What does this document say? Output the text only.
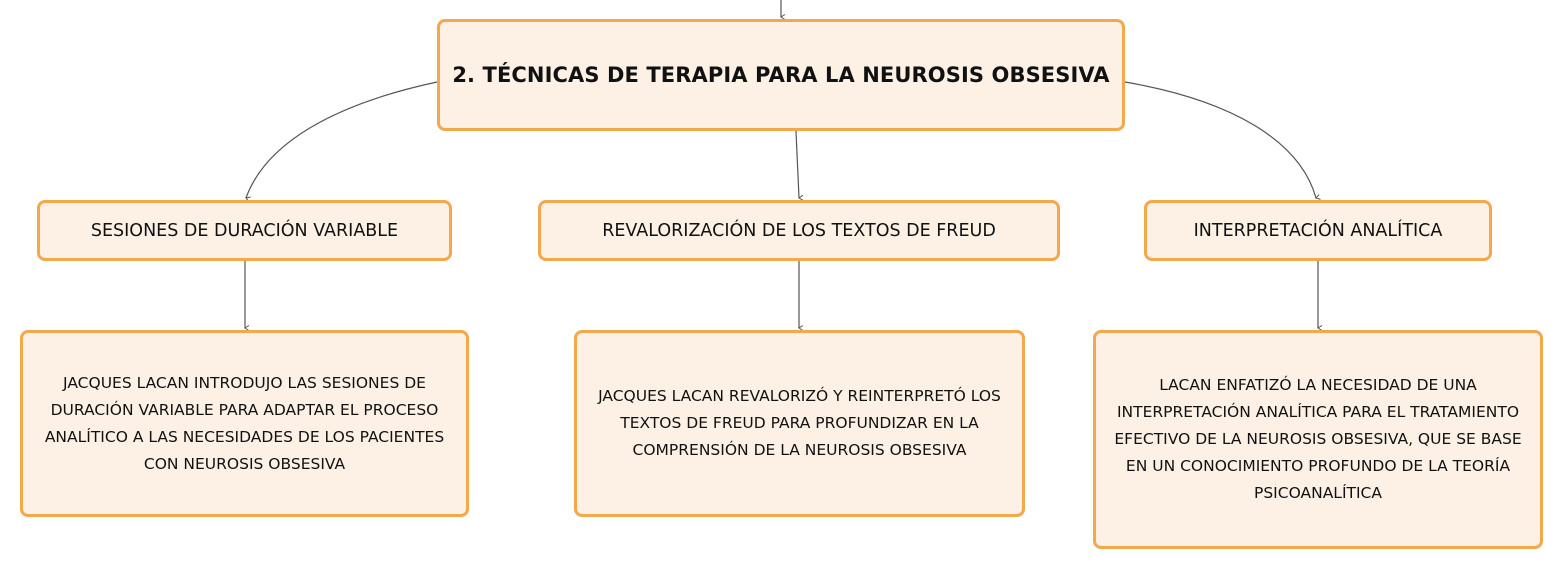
2. TÉCNICAS DE TERAPIA PARA LA NEUROSIS OBSESIVA
SESIONES DE DURACIÓN VARIABLE	REVALORIZACIÓN DE LOS TEXTOS DE FREUD	INTERPRETACIÓN ANALÍTICA
JACQUES LACAN INTRODUJO LAS SESIONES DE DURACIÓN VARIABLE PARA ADAPTAR EL PROCESO ANALÍTICO A LAS NECESIDADES DE LOS PACIENTES CON NEUROSIS OBSESIVA
JACQUES LACAN REVALORIZÓ Y REINTERPRETÓ LOS TEXTOS DE FREUD PARA PROFUNDIZAR EN LA COMPRENSIÓN DE LA NEUROSIS OBSESIVA
LACAN ENFATIZÓ LA NECESIDAD DE UNA INTERPRETACIÓN ANALÍTICA PARA EL TRATAMIENTO EFECTIVO DE LA NEUROSIS OBSESIVA, QUE SE BASE EN UN CONOCIMIENTO PROFUNDO DE LA TEORÍA PSICOANALÍTICA
